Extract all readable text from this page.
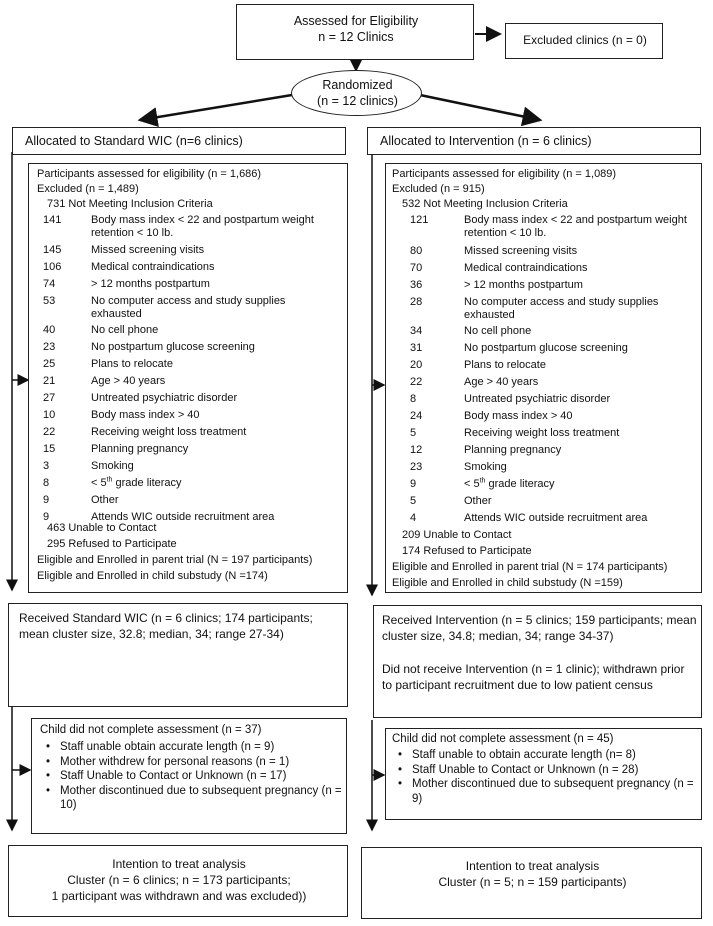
Assessed for Eligibility
n = 12 Clinics	Excluded clinics (n = 0)
Randomized
(n = 12 clinics)
Allocated to Standard WIC (n=6 clinics)	Allocated to Intervention (n = 6 clinics)
Participants assessed for eligibility (n = 1,686)
Excluded (n = 1,489)
731 Not Meeting Inclusion Criteria
141	Body mass index < 22 and postpartum weight retention < 10 lb.
145	Missed screening visits
106	Medical contraindications
74	> 12 months postpartum
53	No computer access and study supplies exhausted
40	No cell phone
23	No postpartum glucose screening
25	Plans to relocate
21	Age > 40 years
27	Untreated psychiatric disorder
10	Body mass index > 40
22	Receiving weight loss treatment
15	Planning pregnancy
3	Smoking
8	< 5th grade literacy
9	Other
9	Attends WIC outside recruitment area
463 Unable to Contact
295 Refused to Participate
Eligible and Enrolled in parent trial (N = 197 participants)
Eligible and Enrolled in child substudy (N =174)
Participants assessed for eligibility (n = 1,089)
Excluded (n = 915)
532 Not Meeting Inclusion Criteria
121	Body mass index < 22 and postpartum weight retention < 10 lb.
80	Missed screening visits
70	Medical contraindications
36	> 12 months postpartum
28	No computer access and study supplies exhausted
34	No cell phone
31	No postpartum glucose screening
20	Plans to relocate
22	Age > 40 years
8	Untreated psychiatric disorder
24	Body mass index > 40
5	Receiving weight loss treatment
12	Planning pregnancy
23	Smoking
9	< 5th grade literacy
5	Other
4	Attends WIC outside recruitment area
209 Unable to Contact
174 Refused to Participate
Eligible and Enrolled in parent trial (N = 174 participants)
Eligible and Enrolled in child substudy (N =159)
Received Standard WIC (n = 6 clinics; 174 participants; mean cluster size, 32.8; median, 34; range 27-34)
Received Intervention (n = 5 clinics; 159 participants; mean cluster size, 34.8; median, 34; range 34-37)
Did not receive Intervention (n = 1 clinic); withdrawn prior to participant recruitment due to low patient census
Child did not complete assessment (n = 37)
• Staff unable obtain accurate length (n = 9)
• Mother withdrew for personal reasons (n = 1)
• Staff Unable to Contact or Unknown (n = 17)
• Mother discontinued due to subsequent pregnancy (n = 10)
Child did not complete assessment (n = 45)
• Staff unable to obtain accurate length (n= 8)
• Staff Unable to Contact or Unknown (n = 28)
• Mother discontinued due to subsequent pregnancy (n = 9)
Intention to treat analysis
Cluster (n = 6 clinics; n = 173 participants;
1 participant was withdrawn and was excluded))
Intention to treat analysis
Cluster (n = 5; n = 159 participants)
